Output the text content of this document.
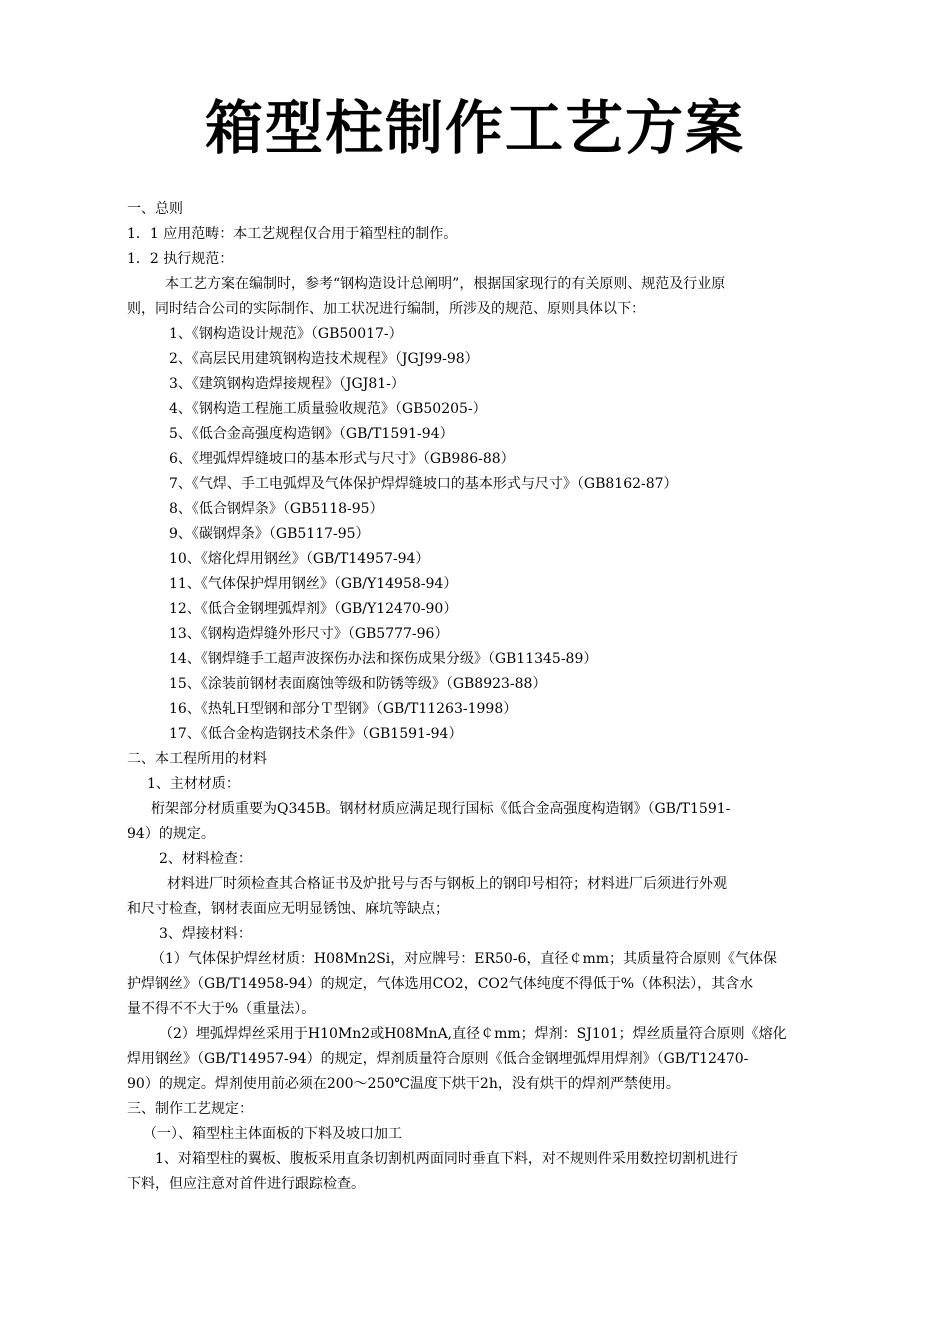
箱型柱制作工艺方案
一、总则
1．1 应用范畴：本工艺规程仅合用于箱型柱的制作。
1．2 执行规范：
本工艺方案在编制时，参考“钢构造设计总阐明”，根据国家现行的有关原则、规范及行业原
则，同时结合公司的实际制作、加工状况进行编制，所涉及的规范、原则具体以下：
1、《钢构造设计规范》（GB50017-）
2、《高层民用建筑钢构造技术规程》（JGJ99-98）
3、《建筑钢构造焊接规程》（JGJ81-）
4、《钢构造工程施工质量验收规范》（GB50205-）
5、《低合金高强度构造钢》（GB/T1591-94）
6、《埋弧焊焊缝坡口的基本形式与尺寸》（GB986-88）
7、《气焊、手工电弧焊及气体保护焊焊缝坡口的基本形式与尺寸》（GB8162-87）
8、《低合钢焊条》（GB5118-95）
9、《碳钢焊条》（GB5117-95）
10、《熔化焊用钢丝》（GB/T14957-94）
11、《气体保护焊用钢丝》（GB/Y14958-94）
12、《低合金钢埋弧焊剂》（GB/Y12470-90）
13、《钢构造焊缝外形尺寸》（GB5777-96）
14、《钢焊缝手工超声波探伤办法和探伤成果分级》（GB11345-89）
15、《涂装前钢材表面腐蚀等级和防锈等级》（GB8923-88）
16、《热轧Ｈ型钢和部分Ｔ型钢》（GB/T11263-1998）
17、《低合金构造钢技术条件》（GB1591-94）
二、本工程所用的材料
1、主材材质：
桁架部分材质重要为Q345B。钢材材质应满足现行国标《低合金高强度构造钢》（GB/T1591-
94）的规定。
2、材料检查：
材料进厂时须检查其合格证书及炉批号与否与钢板上的钢印号相符；材料进厂后须进行外观
和尺寸检查，钢材表面应无明显锈蚀、麻坑等缺点；
3、焊接材料：
（1）气体保护焊丝材质：H08Mn2Si，对应牌号：ER50-6，直径￠mm；其质量符合原则《气体保
护焊钢丝》（GB/T14958-94）的规定，气体选用CO2，CO2气体纯度不得低于%（体积法），其含水
量不得不不大于%（重量法）。
（2）埋弧焊焊丝采用于H10Mn2或H08MnA,直径￠mm；焊剂：SJ101；焊丝质量符合原则《熔化
焊用钢丝》（GB/T14957-94）的规定，焊剂质量符合原则《低合金钢埋弧焊用焊剂》（GB/T12470-
90）的规定。焊剂使用前必须在200～250℃温度下烘干2h，没有烘干的焊剂严禁使用。
三、制作工艺规定：
（一）、箱型柱主体面板的下料及坡口加工
1、对箱型柱的翼板、腹板采用直条切割机两面同时垂直下料，对不规则件采用数控切割机进行
下料，但应注意对首件进行跟踪检查。
